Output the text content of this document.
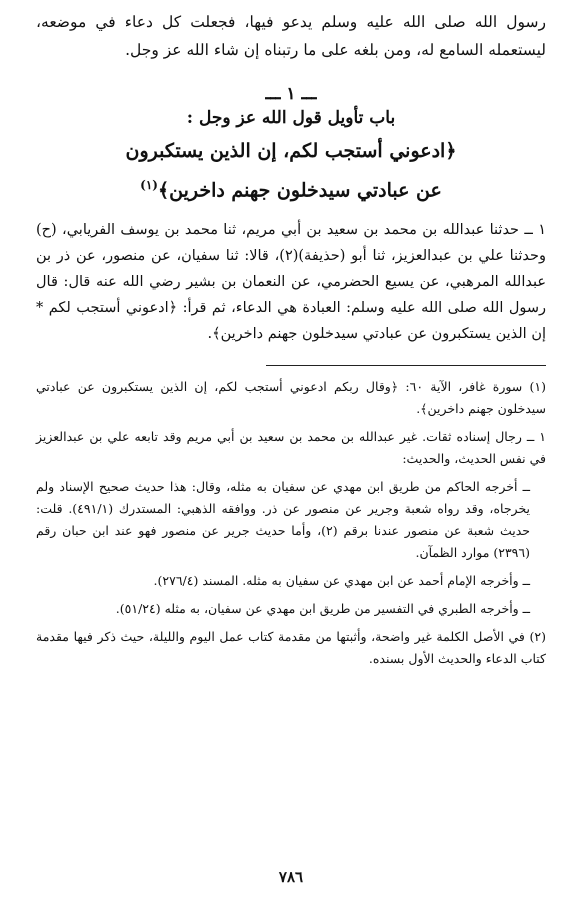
رسول الله صلى الله عليه وسلم يدعو فيها، فجعلت كل دعاء في موضعه، ليستعمله السامع له، ومن بلغه على ما رتبناه إن شاء الله عز وجل.

ـــ ١ ـــ
باب تأويل قول الله عز وجل :
﴿ادعوني أستجب لكم، إن الذين يستكبرون
عن عبادتي سيدخلون جهنم داخرين﴾$^{(١)}$

١ ــ حدثنا عبدالله بن محمد بن سعيد بن أبي مريم، ثنا محمد بن يوسف الفريابي، (ح) وحدثنا علي بن عبدالعزيز، ثنا أبو (حذيفة)(٢)، قالا: ثنا سفيان، عن منصور، عن ذر بن عبدالله المرهبي، عن يسيع الحضرمي، عن النعمان بن بشير رضي الله عنه قال: قال رسول الله صلى الله عليه وسلم: العبادة هي الدعاء، ثم قرأ: ﴿ادعوني أستجب لكم * إن الذين يستكبرون عن عبادتي سيدخلون جهنم داخرين﴾.

(١) سورة غافر، الآية ٦٠: ﴿وقال ربكم ادعوني أستجب لكم، إن الذين يستكبرون عن عبادتي سيدخلون جهنم داخرين﴾.

١ ــ رجال إسناده ثقات. غير عبدالله بن محمد بن سعيد بن أبي مريم وقد تابعه علي بن عبدالعزيز في نفس الحديث، والحديث:

ــ أخرجه الحاكم من طريق ابن مهدي عن سفيان به مثله، وقال: هذا حديث صحيح الإسناد ولم يخرجاه، وقد رواه شعبة وجرير عن منصور عن ذر. ووافقه الذهبي: المستدرك (٤٩١/١). قلت: حديث شعبة عن منصور عندنا برقم (٢)، وأما حديث جرير عن منصور فهو عند ابن حبان رقم (٢٣٩٦) موارد الظمآن.

ــ وأخرجه الإمام أحمد عن ابن مهدي عن سفيان به مثله. المسند (٢٧٦/٤).

ــ وأخرجه الطبري في التفسير من طريق ابن مهدي عن سفيان، به مثله (٥١/٢٤).

(٢) في الأصل الكلمة غير واضحة، وأثبتها من مقدمة كتاب عمل اليوم والليلة، حيث ذكر فيها مقدمة كتاب الدعاء والحديث الأول بسنده.

٧٨٦
